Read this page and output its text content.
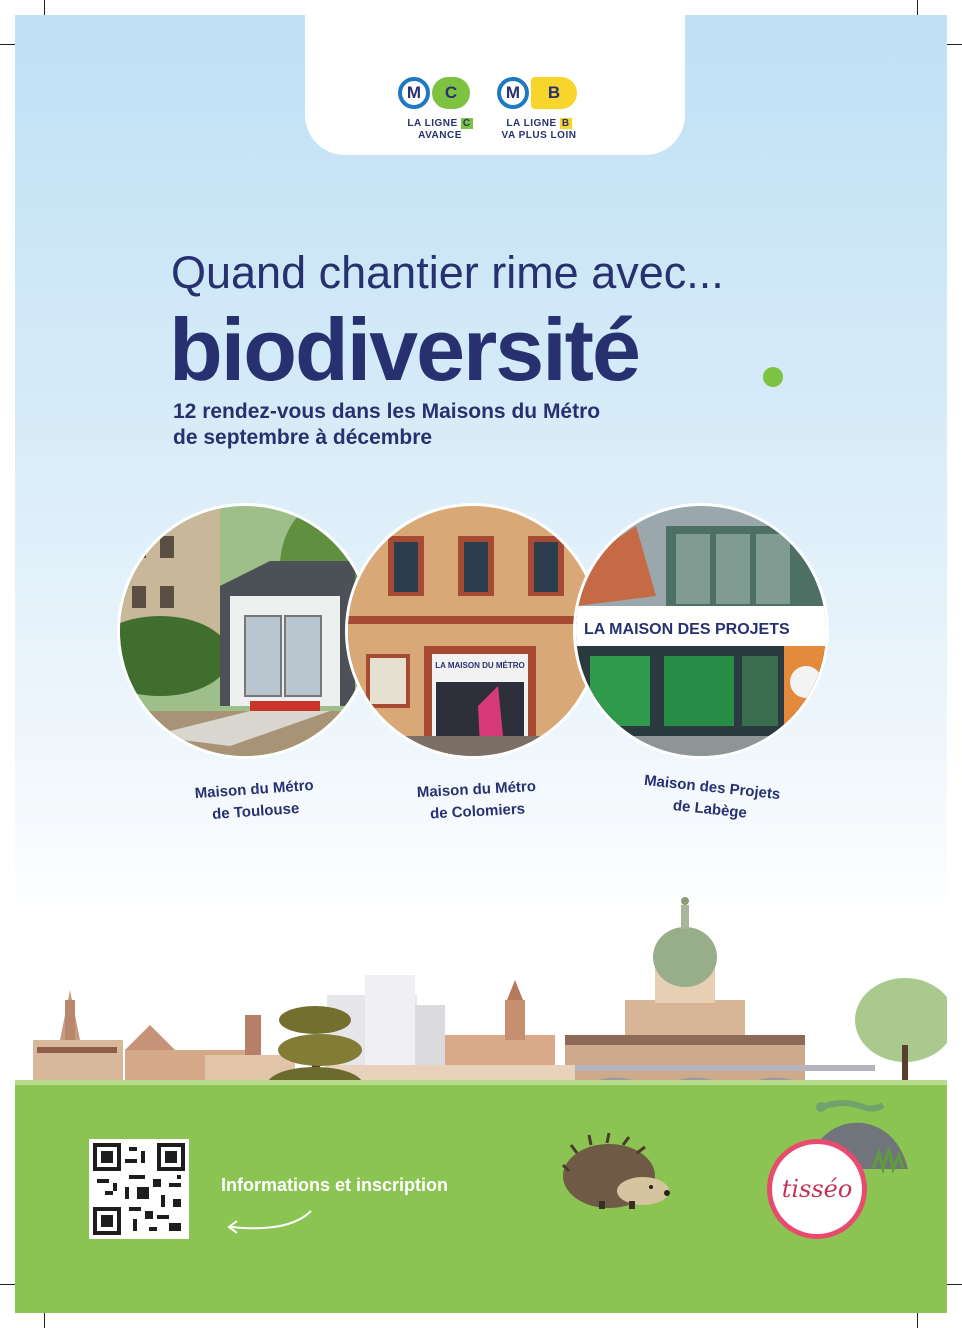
M	C
LA LIGNE C
AVANCE
M	B
LA LIGNE B
VA PLUS LOIN
Quand chantier rime avec...
biodiversité
12 rendez-vous dans les Maisons du Métro
de septembre à décembre
LA MAISON DU MÉTRO
LA MAISON DES PROJETS
Maison du Métro
de Toulouse
Maison du Métro
de Colomiers
Maison des Projets
de Labège
Informations et inscription	tisséo
